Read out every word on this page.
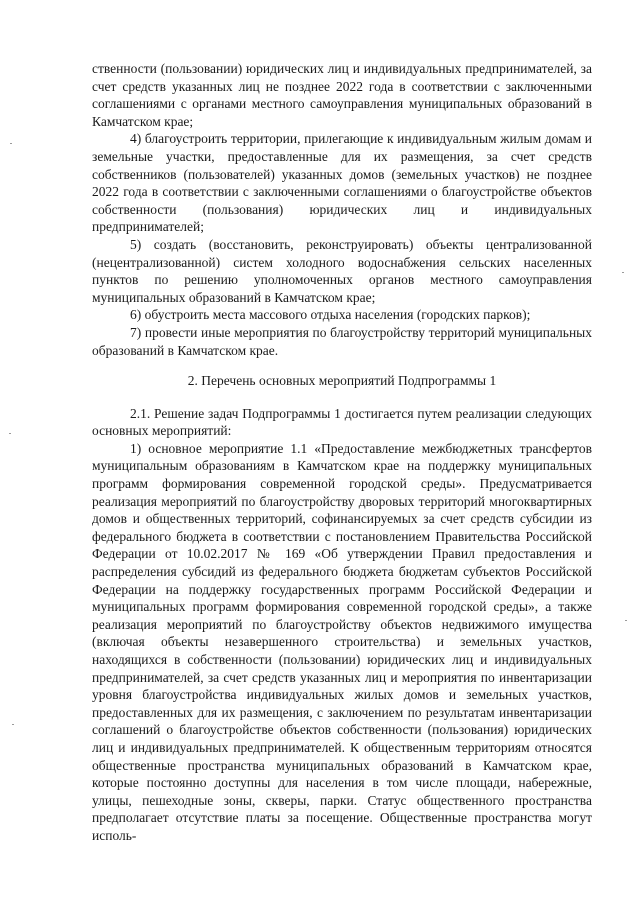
ственности (пользовании) юридических лиц и индивидуальных предпринимателей, за счет средств указанных лиц не позднее 2022 года в соответствии с заключенными соглашениями с органами местного самоуправления муниципальных образований в Камчатском крае;

4) благоустроить территории, прилегающие к индивидуальным жилым домам и земельные участки, предоставленные для их размещения, за счет средств собственников (пользователей) указанных домов (земельных участков) не позднее 2022 года в соответствии с заключенными соглашениями о благоустройстве объектов собственности (пользования) юридических лиц и индивидуальных предпринимателей;

5) создать (восстановить, реконструировать) объекты централизованной (нецентрализованной) систем холодного водоснабжения сельских населенных пунктов по решению уполномоченных органов местного самоуправления муниципальных образований в Камчатском крае;

6) обустроить места массового отдыха населения (городских парков);

7) провести иные мероприятия по благоустройству территорий муниципальных образований в Камчатском крае.

2. Перечень основных мероприятий Подпрограммы 1

2.1. Решение задач Подпрограммы 1 достигается путем реализации следующих основных мероприятий:

1) основное мероприятие 1.1 «Предоставление межбюджетных трансфертов муниципальным образованиям в Камчатском крае на поддержку муниципальных программ формирования современной городской среды». Предусматривается реализация мероприятий по благоустройству дворовых территорий многоквартирных домов и общественных территорий, софинансируемых за счет средств субсидии из федерального бюджета в соответствии с постановлением Правительства Российской Федерации от 10.02.2017 № 169 «Об утверждении Правил предоставления и распределения субсидий из федерального бюджета бюджетам субъектов Российской Федерации на поддержку государственных программ Российской Федерации и муниципальных программ формирования современной городской среды», а также реализация мероприятий по благоустройству объектов недвижимого имущества (включая объекты незавершенного строительства) и земельных участков, находящихся в собственности (пользовании) юридических лиц и индивидуальных предпринимателей, за счет средств указанных лиц и мероприятия по инвентаризации уровня благоустройства индивидуальных жилых домов и земельных участков, предоставленных для их размещения, с заключением по результатам инвентаризации соглашений о благоустройстве объектов собственности (пользования) юридических лиц и индивидуальных предпринимателей. К общественным территориям относятся общественные пространства муниципальных образований в Камчатском крае, которые постоянно доступны для населения в том числе площади, набережные, улицы, пешеходные зоны, скверы, парки. Статус общественного пространства предполагает отсутствие платы за посещение. Общественные пространства могут исполь-
